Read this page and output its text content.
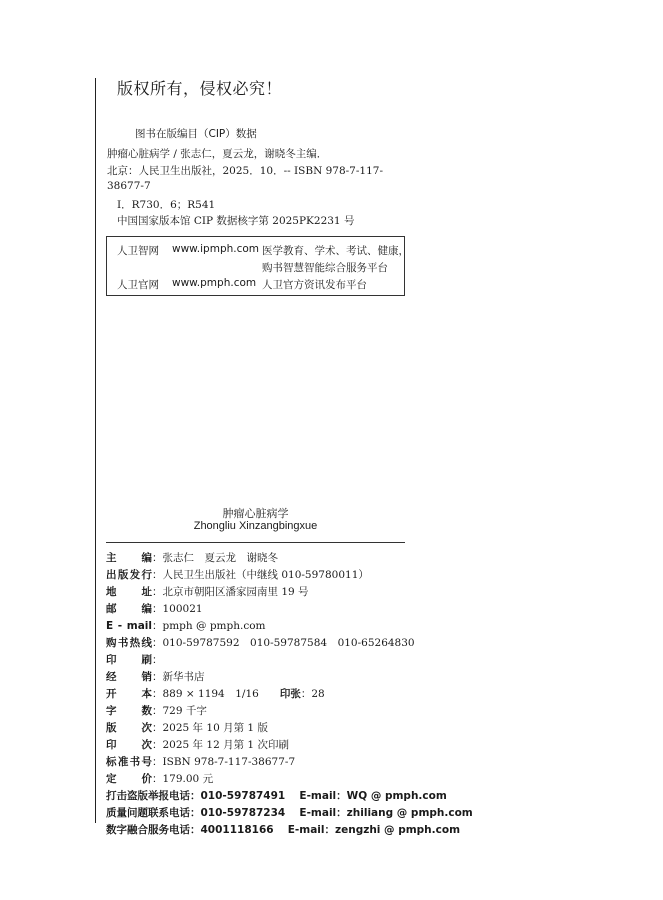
版权所有，侵权必究！
图书在版编目（CIP）数据
肿瘤心脏病学 / 张志仁，夏云龙，谢晓冬主编．
北京：人民卫生出版社，2025．10．-- ISBN 978-7-117-
38677-7
Ⅰ．R730．6；R541
中国国家版本馆 CIP 数据核字第 2025PK2231 号
人卫智网 www.ipmph.com 医学教育、学术、考试、健康，
购书智慧智能综合服务平台
人卫官网 www.pmph.com 人卫官方资讯发布平台
肿瘤心脏病学
Zhongliu Xinzangbingxue
主　　编：张志仁　夏云龙　谢晓冬
出版发行：人民卫生出版社（中继线 010-59780011）
地　　址：北京市朝阳区潘家园南里 19 号
邮　　编：100021
E - mail：pmph @ pmph.com
购书热线：010-59787592　010-59787584　010-65264830
印　　刷：
经　　销：新华书店
开　　本：889 × 1194　1/16　　 印张：28
字　　数：729 千字
版　　次：2025 年 10 月第 1 版
印　　次：2025 年 12 月第 1 次印刷
标准书号：ISBN 978-7-117-38677-7
定　　价：179.00 元
打击盗版举报电话：010-59787491　 E-mail：WQ @ pmph.com
质量问题联系电话：010-59787234　 E-mail：zhiliang @ pmph.com
数字融合服务电话：4001118166　 E-mail：zengzhi @ pmph.com
